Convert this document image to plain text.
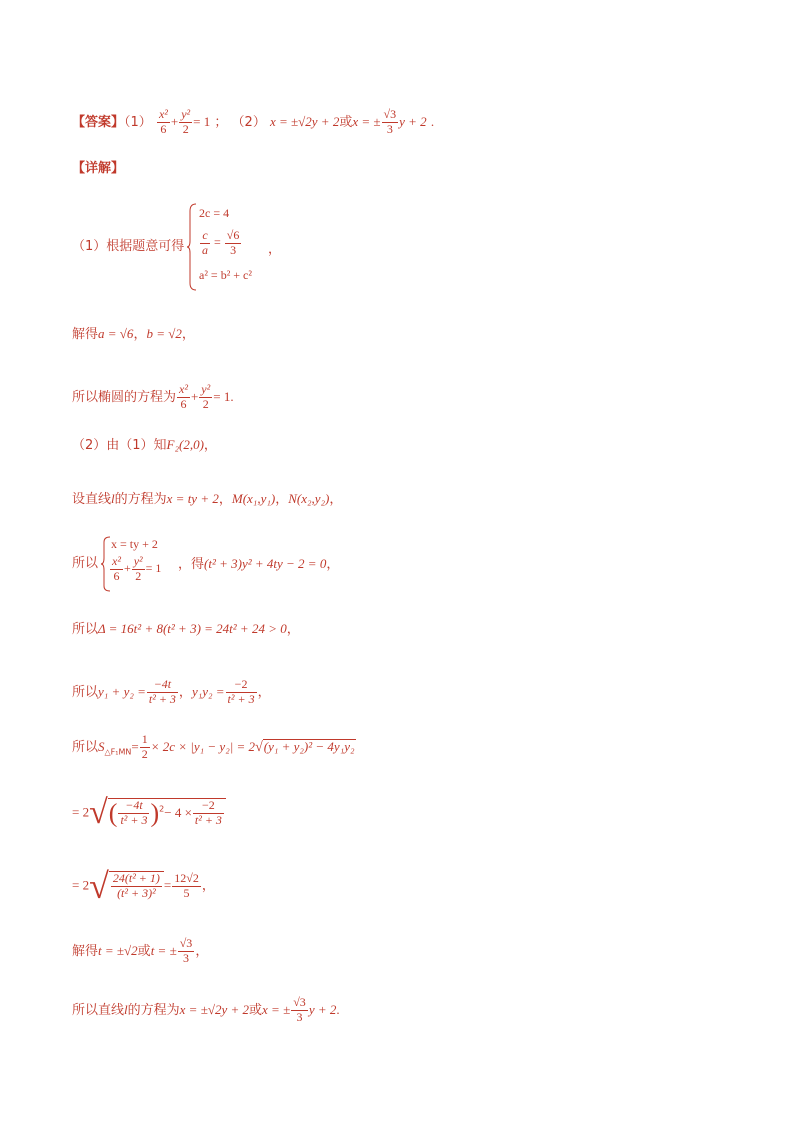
【答案】$(1) \frac{\text{x²}}{6} + \frac{\text{y²}}{2} = 1$ ； （2） x = ±√2y + 2或x = ± $\frac{√3}{3}$ y + 2 .
【详解】
（1）根据题意可得
2c = 4
$\frac{c}{a} = \frac{√6}{3}$
a² = b² + c²
，
解得a = √6，b = √2，
所以椭圆的方程为 $\frac{\text{x²}}{6} + \frac{\text{y²}}{2} = 1$.
（2）由（1）知F₂(2,0)，
设直线l的方程为x = ty + 2，M(x₁,y₁)，N(x₂,y₂)，
所以
x = ty + 2
$\frac{\text{x²}}{6} + \frac{\text{y²}}{2} = 1$ ，得(t² + 3)y² + 4ty − 2 = 0，
所以Δ = 16t² + 8(t² + 3) = 24t² + 24 > 0，
所以$y_1 + y_2 = \frac{-4t}{\text{t² + 3}}$ ，$y_1y_2 = \frac{-2}{\text{t² + 3}}$ ，
所以$S_{\triangle F_1MN}= \frac{1}{2} \times 2c \times |y_1 - y_2| = 2√(y_1 + y_2)^2 - 4y_1y_2$
= $2√( \frac{-4t}{\text{t² + 3}} )^2- 4 \times \frac{-2}{\text{t² + 3}}$
= $2√ \frac{\text{24(t² + 1)}}{\text{(t² + 3)²}} = \frac{12√2}{5}$ ，
解得t = ±√2或t = ± $\frac{√3}{3}$ ，
所以直线l的方程为x = ±√2y + 2或x = ± $\frac{√3}{3}$ y + 2.
